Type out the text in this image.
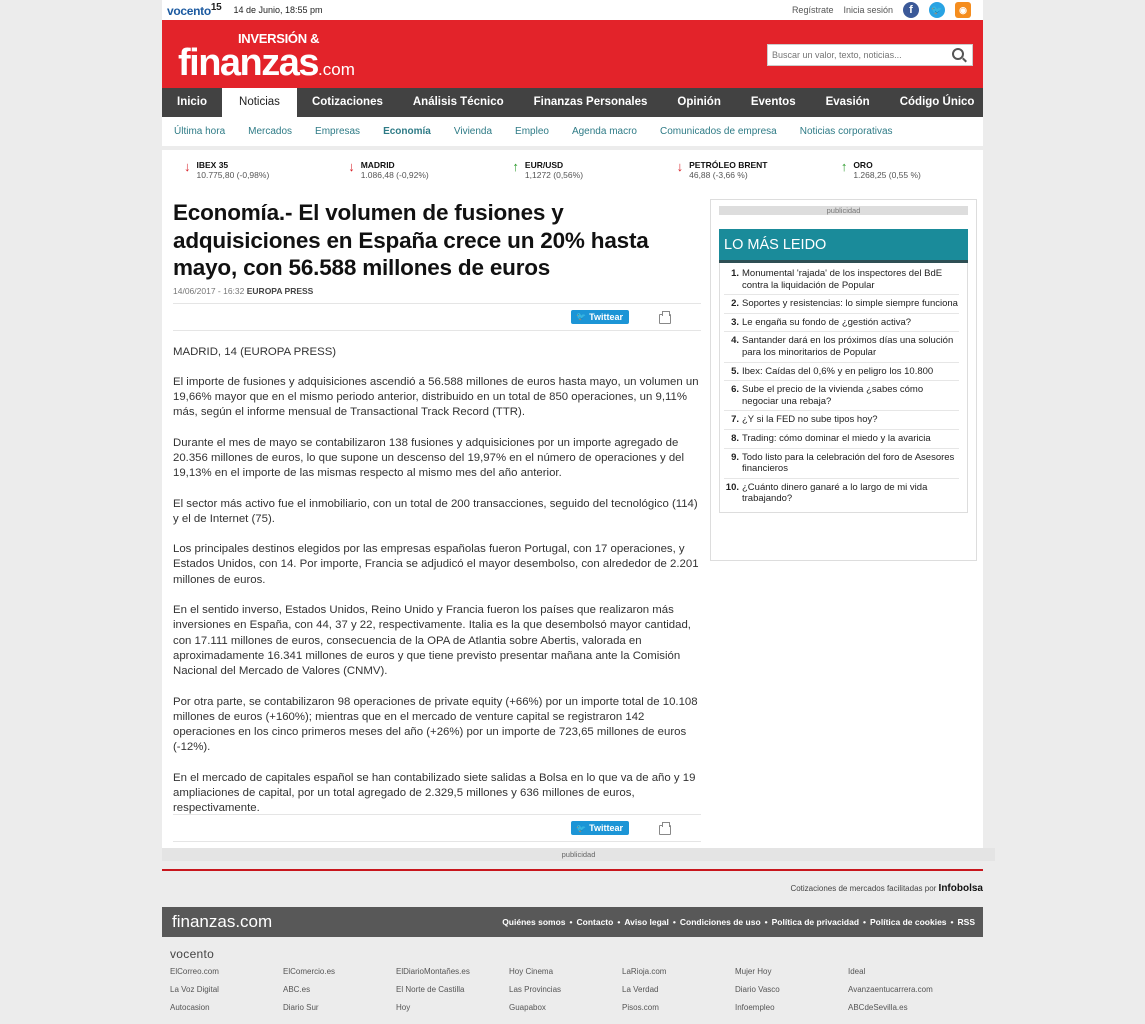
vocento$^{15}$ 14 de Junio, 18:55 pm	Regístrate Inicia sesión	f	🐦	◉
INVERSIÓN &
finanzas.com
Buscar un valor, texto, noticias...
Inicio	Noticias	Cotizaciones	Análisis Técnico	Finanzas Personales	Opinión	Eventos	Evasión	Código Único
Última hora Mercados Empresas Economía Vivienda Empleo Agenda macro Comunicados de empresa Noticias corporativas
↓ IBEX 35
10.775,80 (-0,98%)
↓ MADRID
1.086,48 (-0,92%)
↑ EUR/USD
1,1272 (0,56%)
↓ PETRÓLEO BRENT
46,88 (-3,66 %)
↑ ORO
1.268,25 (0,55 %)
Economía.- El volumen de fusiones y adquisiciones en España crece un 20% hasta mayo, con 56.588 millones de euros
14/06/2017 - 16:32 EUROPA PRESS
🐦 Twittear

MADRID, 14 (EUROPA PRESS)

El importe de fusiones y adquisiciones ascendió a 56.588 millones de euros hasta mayo, un volumen un 19,66% mayor que en el mismo periodo anterior, distribuido en un total de 850 operaciones, un 9,11% más, según el informe mensual de Transactional Track Record (TTR).

Durante el mes de mayo se contabilizaron 138 fusiones y adquisiciones por un importe agregado de 20.356 millones de euros, lo que supone un descenso del 19,97% en el número de operaciones y del 19,13% en el importe de las mismas respecto al mismo mes del año anterior.

El sector más activo fue el inmobiliario, con un total de 200 transacciones, seguido del tecnológico (114) y el de Internet (75).

Los principales destinos elegidos por las empresas españolas fueron Portugal, con 17 operaciones, y Estados Unidos, con 14. Por importe, Francia se adjudicó el mayor desembolso, con alrededor de 2.201 millones de euros.

En el sentido inverso, Estados Unidos, Reino Unido y Francia fueron los países que realizaron más inversiones en España, con 44, 37 y 22, respectivamente. Italia es la que desembolsó mayor cantidad, con 17.111 millones de euros, consecuencia de la OPA de Atlantia sobre Abertis, valorada en aproximadamente 16.341 millones de euros y que tiene previsto presentar mañana ante la Comisión Nacional del Mercado de Valores (CNMV).

Por otra parte, se contabilizaron 98 operaciones de private equity (+66%) por un importe total de 10.108 millones de euros (+160%); mientras que en el mercado de venture capital se registraron 142 operaciones en los cinco primeros meses del año (+26%) por un importe de 723,65 millones de euros (-12%).

En el mercado de capitales español se han contabilizado siete salidas a Bolsa en lo que va de año y 19 ampliaciones de capital, por un total agregado de 2.329,5 millones y 636 millones de euros, respectivamente.

🐦 Twittear
publicidad
LO MÁS LEIDO
1. Monumental 'rajada' de los inspectores del BdE contra la liquidación de Popular
2. Soportes y resistencias: lo simple siempre funciona
3. Le engaña su fondo de ¿gestión activa?
4. Santander dará en los próximos días una solución para los minoritarios de Popular
5. Ibex: Caídas del 0,6% y en peligro los 10.800
6. Sube el precio de la vivienda ¿sabes cómo negociar una rebaja?
7. ¿Y si la FED no sube tipos hoy?
8. Trading: cómo dominar el miedo y la avaricia
9. Todo listo para la celebración del foro de Asesores financieros
10. ¿Cuánto dinero ganaré a lo largo de mi vida trabajando?
publicidad
Cotizaciones de mercados facilitadas por Infobolsa
finanzas.com	Quiénes somos • Contacto • Aviso legal • Condiciones de uso • Política de privacidad • Política de cookies • RSS
vocento
ElCorreo.com	ElComercio.es	ElDiarioMontañes.es	Hoy Cinema	LaRioja.com	Mujer Hoy	Ideal
La Voz Digital	ABC.es	El Norte de Castilla	Las Provincias	La Verdad	Diario Vasco	Avanzaentucarrera.com
Autocasion	Diario Sur	Hoy	Guapabox	Pisos.com	Infoempleo	ABCdeSevilla.es
